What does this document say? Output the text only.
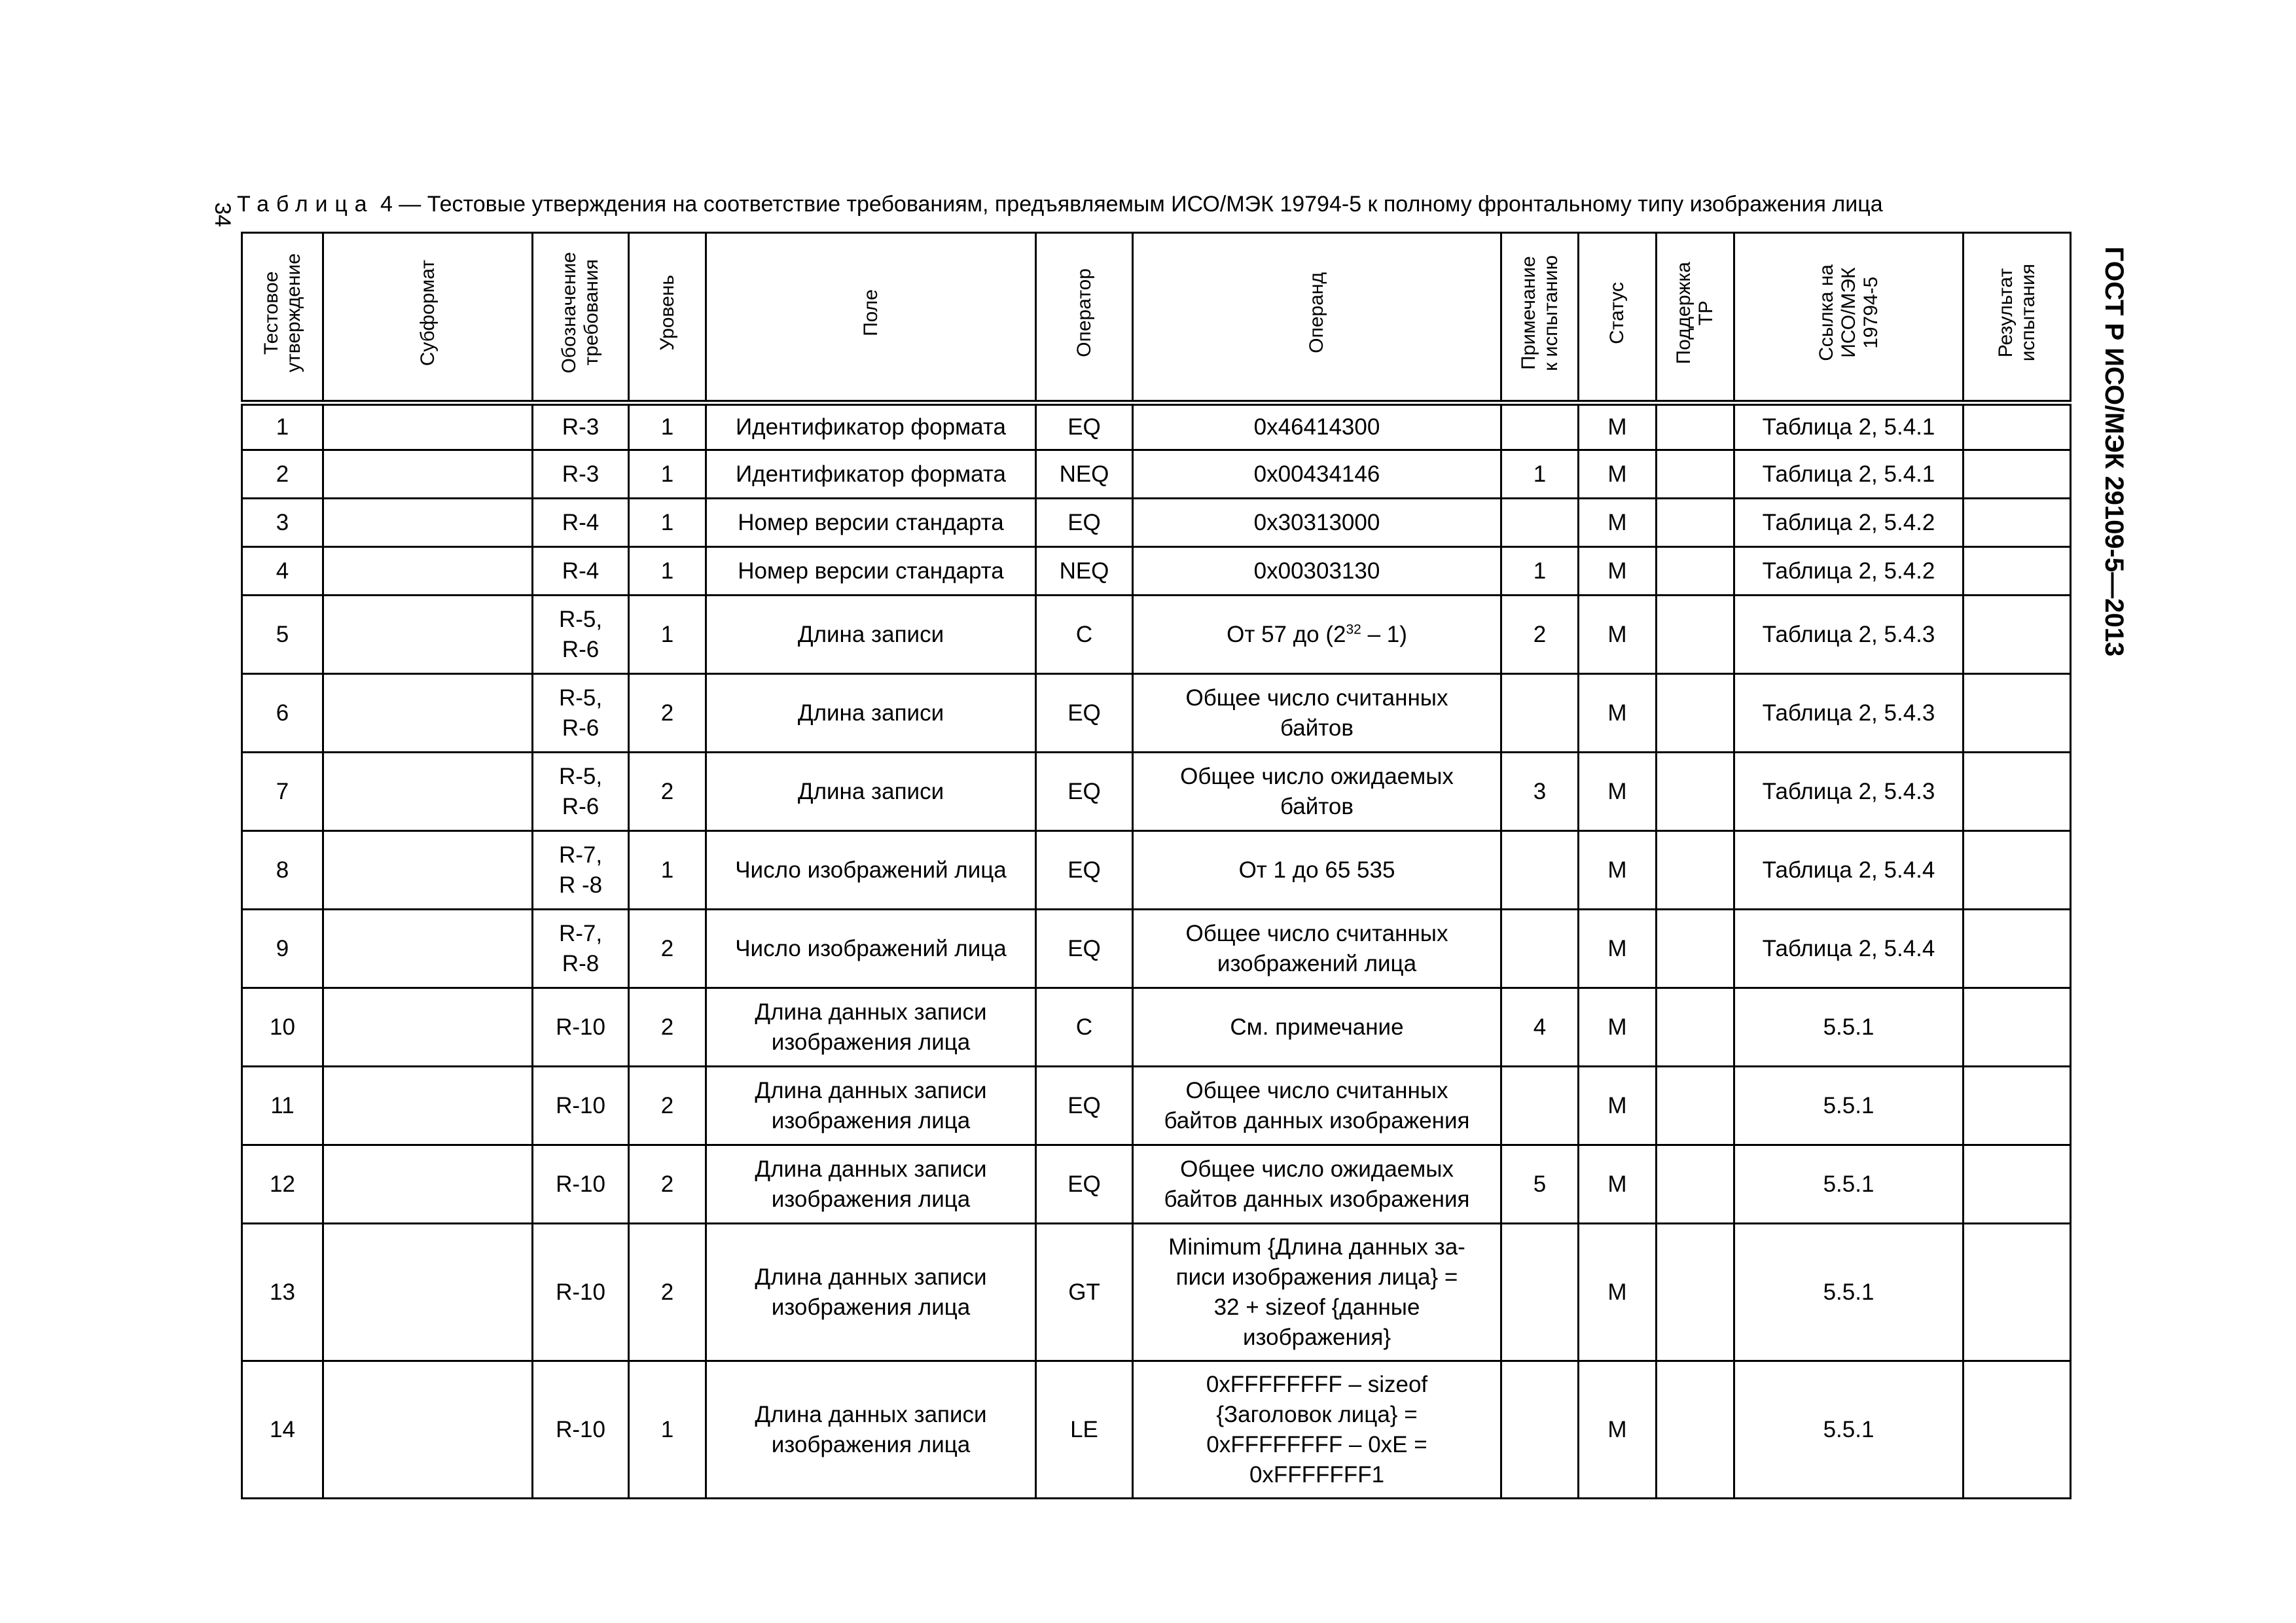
34
ГОСТ Р ИСО/МЭК 29109-5—2013
Таблица 4 — Тестовые утверждения на соответствие требованиям, предъявляемым ИСО/МЭК 19794-5 к полному фронтальному типу изображения лица
Тестовое
утверждение	Субформат	Обозначение
требования	Уровень	Поле	Оператор	Операнд	Примечание
к испытанию	Статус	Поддержка
ТР	Ссылка на
ИСО/МЭК
19794-5	Результат
испытания
1		R-3	1	Идентификатор формата	EQ	0x46414300		M		Таблица 2, 5.4.1	
2		R-3	1	Идентификатор формата	NEQ	0x00434146	1	M		Таблица 2, 5.4.1	
3		R-4	1	Номер версии стандарта	EQ	0x30313000		M		Таблица 2, 5.4.2	
4		R-4	1	Номер версии стандарта	NEQ	0x00303130	1	M		Таблица 2, 5.4.2	
5		R-5,
R-6	1	Длина записи	C	От 57 до $(2^{32} - 1)$	2	M		Таблица 2, 5.4.3	
6		R-5,
R-6	2	Длина записи	EQ	Общее число считанных
байтов		M		Таблица 2, 5.4.3	
7		R-5,
R-6	2	Длина записи	EQ	Общее число ожидаемых
байтов	3	M		Таблица 2, 5.4.3	
8		R-7,
R -8	1	Число изображений лица	EQ	От 1 до 65 535		M		Таблица 2, 5.4.4	
9		R-7,
R-8	2	Число изображений лица	EQ	Общее число считанных
изображений лица		M		Таблица 2, 5.4.4	
10		R-10	2	Длина данных записи
изображения лица	C	См. примечание	4	M		5.5.1	
11		R-10	2	Длина данных записи
изображения лица	EQ	Общее число считанных
байтов данных изображения		M		5.5.1	
12		R-10	2	Длина данных записи
изображения лица	EQ	Общее число ожидаемых
байтов данных изображения	5	M		5.5.1	
13		R-10	2	Длина данных записи
изображения лица	GT	Minimum {Длина данных за-
писи изображения лица} =
32 + sizeof {данные
изображения}		M		5.5.1	
14		R-10	1	Длина данных записи
изображения лица	LE	0xFFFFFFFF – sizeof
{Заголовок лица} =
0xFFFFFFFF – 0xE =
0xFFFFFFF1		M		5.5.1	
